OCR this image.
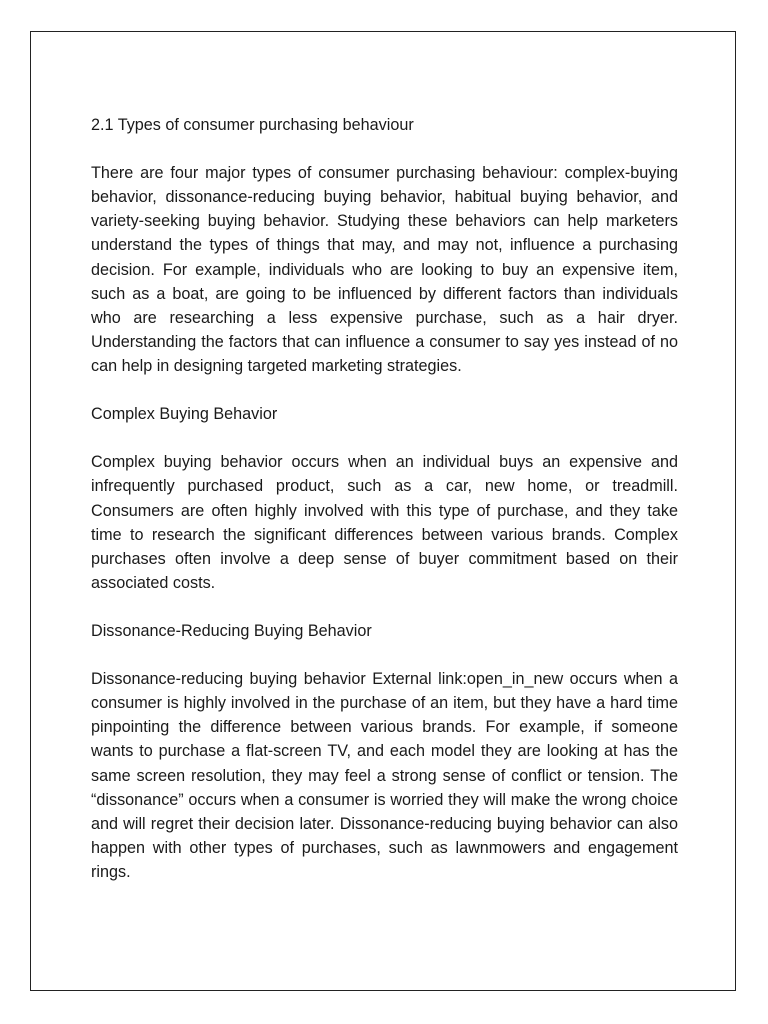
2.1 Types of consumer purchasing behaviour

There are four major types of consumer purchasing behaviour: complex-buying behavior, dissonance-reducing buying behavior, habitual buying behavior, and variety-seeking buying behavior. Studying these behaviors can help marketers understand the types of things that may, and may not, influence a purchasing decision. For example, individuals who are looking to buy an expensive item, such as a boat, are going to be influenced by different factors than individuals who are researching a less expensive purchase, such as a hair dryer. Understanding the factors that can influence a consumer to say yes instead of no can help in designing targeted marketing strategies.

Complex Buying Behavior

Complex buying behavior occurs when an individual buys an expensive and infrequently purchased product, such as a car, new home, or treadmill. Consumers are often highly involved with this type of purchase, and they take time to research the significant differences between various brands. Complex purchases often involve a deep sense of buyer commitment based on their associated costs.

Dissonance-Reducing Buying Behavior

Dissonance-reducing buying behavior External link:open_in_new occurs when a consumer is highly involved in the purchase of an item, but they have a hard time pinpointing the difference between various brands. For example, if someone wants to purchase a flat-screen TV, and each model they are looking at has the same screen resolution, they may feel a strong sense of conflict or tension. The “dissonance” occurs when a consumer is worried they will make the wrong choice and will regret their decision later. Dissonance-reducing buying behavior can also happen with other types of purchases, such as lawnmowers and engagement rings.
